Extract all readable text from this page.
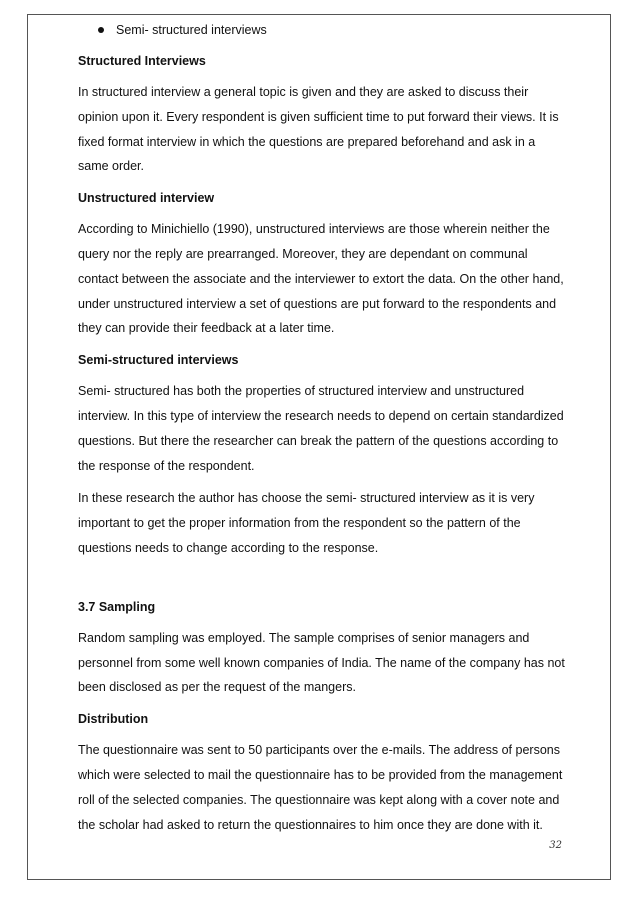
Semi- structured interviews

Structured Interviews

In structured interview a general topic is given and they are asked to discuss their opinion upon it. Every respondent is given sufficient time to put forward their views. It is fixed format interview in which the questions are prepared beforehand and ask in a same order.

Unstructured interview

According to Minichiello (1990), unstructured interviews are those wherein neither the query nor the reply are prearranged. Moreover, they are dependant on communal contact between the associate and the interviewer to extort the data. On the other hand, under unstructured interview a set of questions are put forward to the respondents and they can provide their feedback at a later time.

Semi-structured interviews

Semi- structured has both the properties of structured interview and unstructured interview. In this type of interview the research needs to depend on certain standardized questions. But there the researcher can break the pattern of the questions according to the response of the respondent.

In these research the author has choose the semi- structured interview as it is very important to get the proper information from the respondent so the pattern of the questions needs to change according to the response.

3.7 Sampling

Random sampling was employed. The sample comprises of senior managers and personnel from some well known companies of India. The name of the company has not been disclosed as per the request of the mangers.

Distribution

The questionnaire was sent to 50 participants over the e-mails. The address of persons which were selected to mail the questionnaire has to be provided from the management roll of the selected companies. The questionnaire was kept along with a cover note and the scholar had asked to return the questionnaires to him once they are done with it.

32
